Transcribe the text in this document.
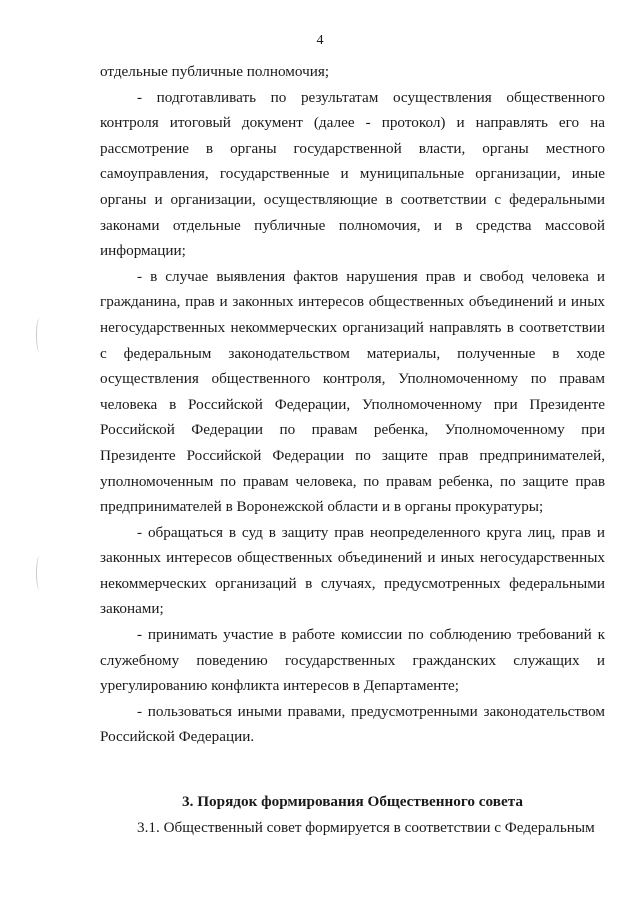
4

отдельные публичные полномочия;

- подготавливать по результатам осуществления общественного контроля итоговый документ (далее - протокол) и направлять его на рассмотрение в органы государственной власти, органы местного самоуправления, государственные и муниципальные организации, иные органы и организации, осуществляющие в соответствии с федеральными законами отдельные публичные полномочия, и в средства массовой информации;

- в случае выявления фактов нарушения прав и свобод человека и гражданина, прав и законных интересов общественных объединений и иных негосударственных некоммерческих организаций направлять в соответствии с федеральным законодательством материалы, полученные в ходе осуществления общественного контроля, Уполномоченному по правам человека в Российской Федерации, Уполномоченному при Президенте Российской Федерации по правам ребенка, Уполномоченному при Президенте Российской Федерации по защите прав предпринимателей, уполномоченным по правам человека, по правам ребенка, по защите прав предпринимателей в Воронежской области и в органы прокуратуры;

- обращаться в суд в защиту прав неопределенного круга лиц, прав и законных интересов общественных объединений и иных негосударственных некоммерческих организаций в случаях, предусмотренных федеральными законами;

- принимать участие в работе комиссии по соблюдению требований к служебному поведению государственных гражданских служащих и урегулированию конфликта интересов в Департаменте;

- пользоваться иными правами, предусмотренными законодательством Российской Федерации.

3. Порядок формирования Общественного совета

3.1. Общественный совет формируется в соответствии с Федеральным
